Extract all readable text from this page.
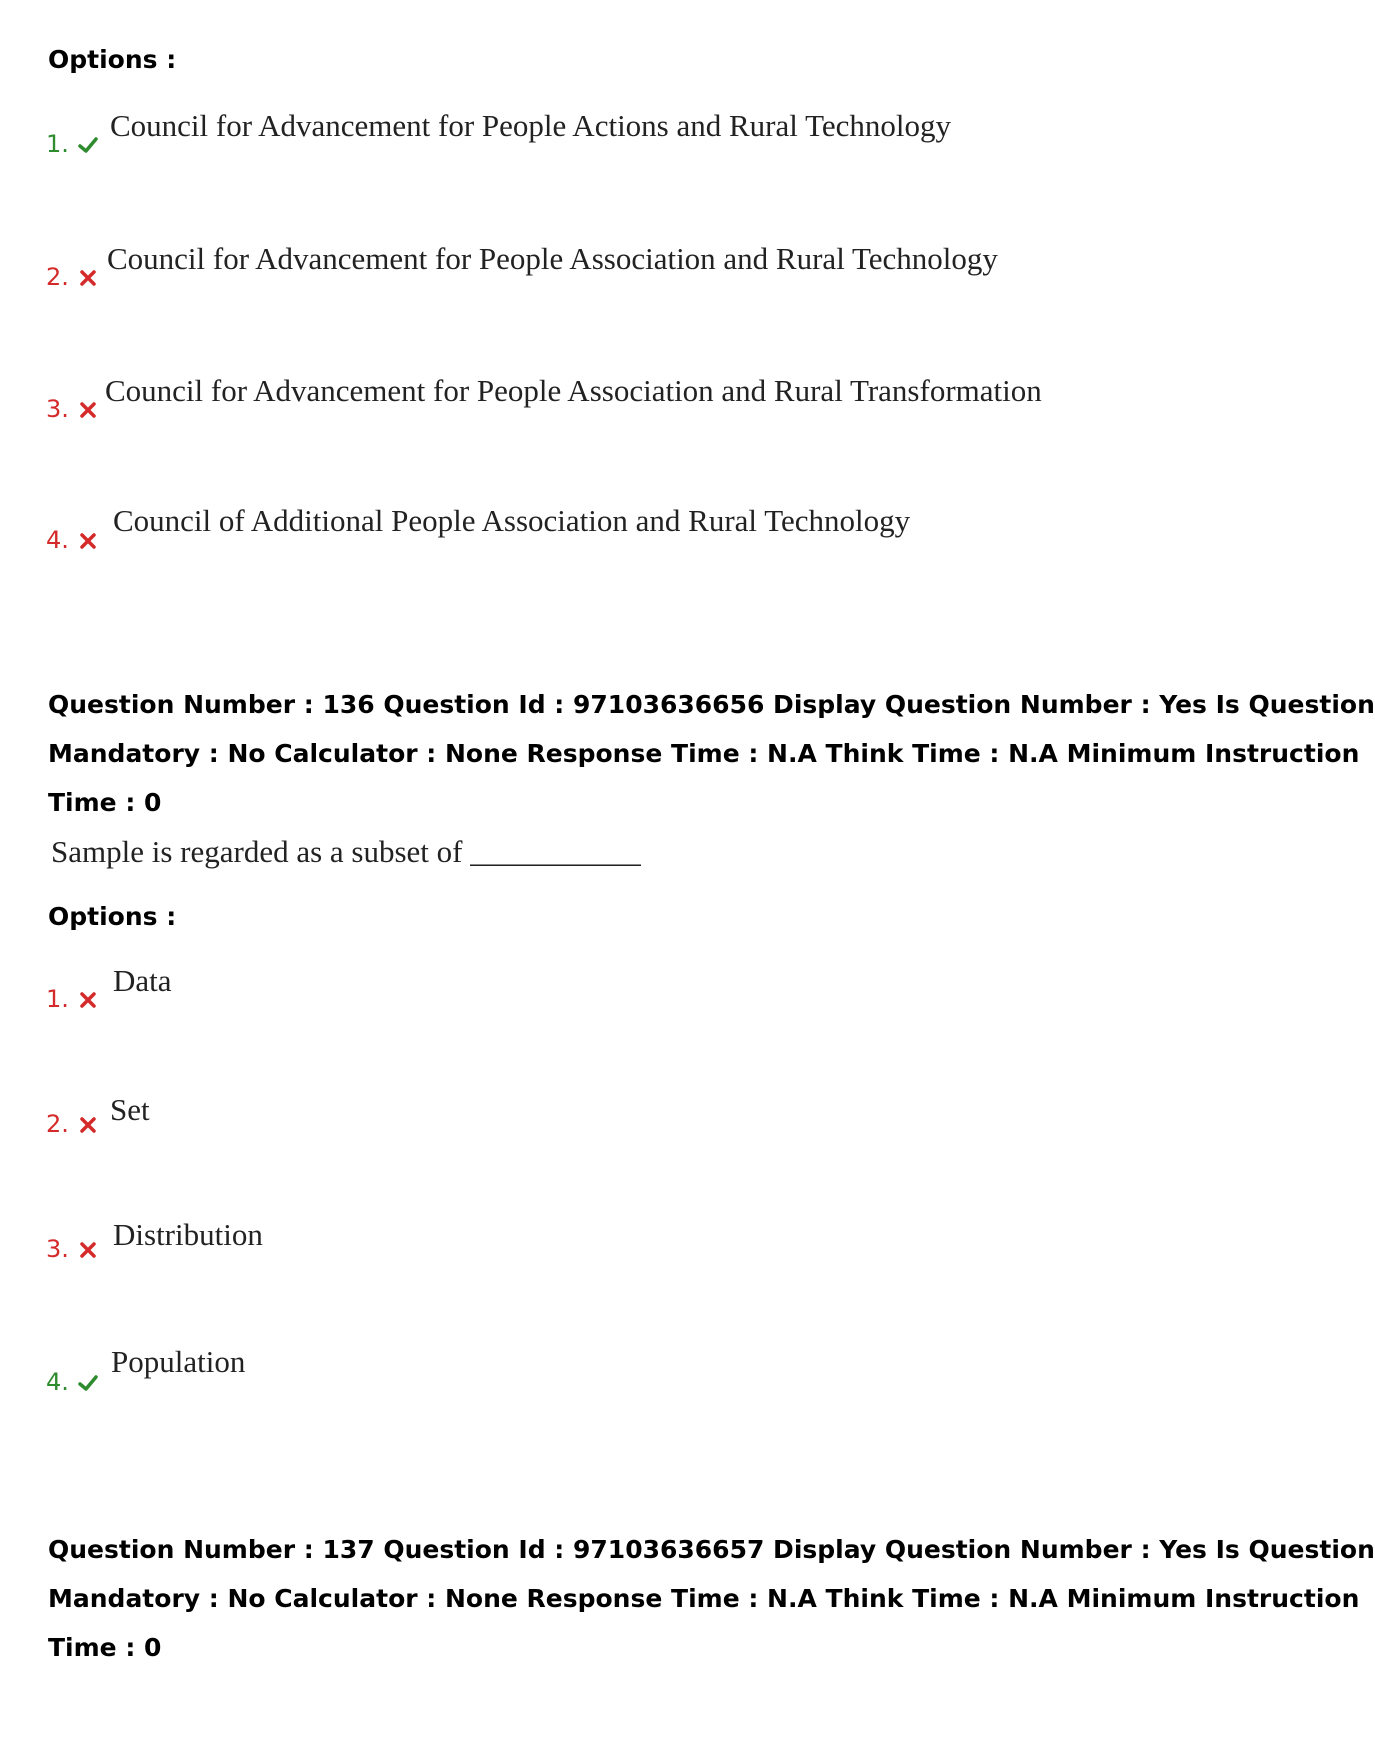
Options :
1.
Council for Advancement for People Actions and Rural Technology
2.
Council for Advancement for People Association and Rural Technology
3.
Council for Advancement for People Association and Rural Transformation
4.
Council of Additional People Association and Rural Technology
Question Number : 136 Question Id : 97103636656 Display Question Number : Yes Is Question
Mandatory : No Calculator : None Response Time : N.A Think Time : N.A Minimum Instruction
Time : 0
Sample is regarded as a subset of ___________
Options :
1.
Data
2.	Set
3.	Distribution
4.
Population
Question Number : 137 Question Id : 97103636657 Display Question Number : Yes Is Question
Mandatory : No Calculator : None Response Time : N.A Think Time : N.A Minimum Instruction
Time : 0
